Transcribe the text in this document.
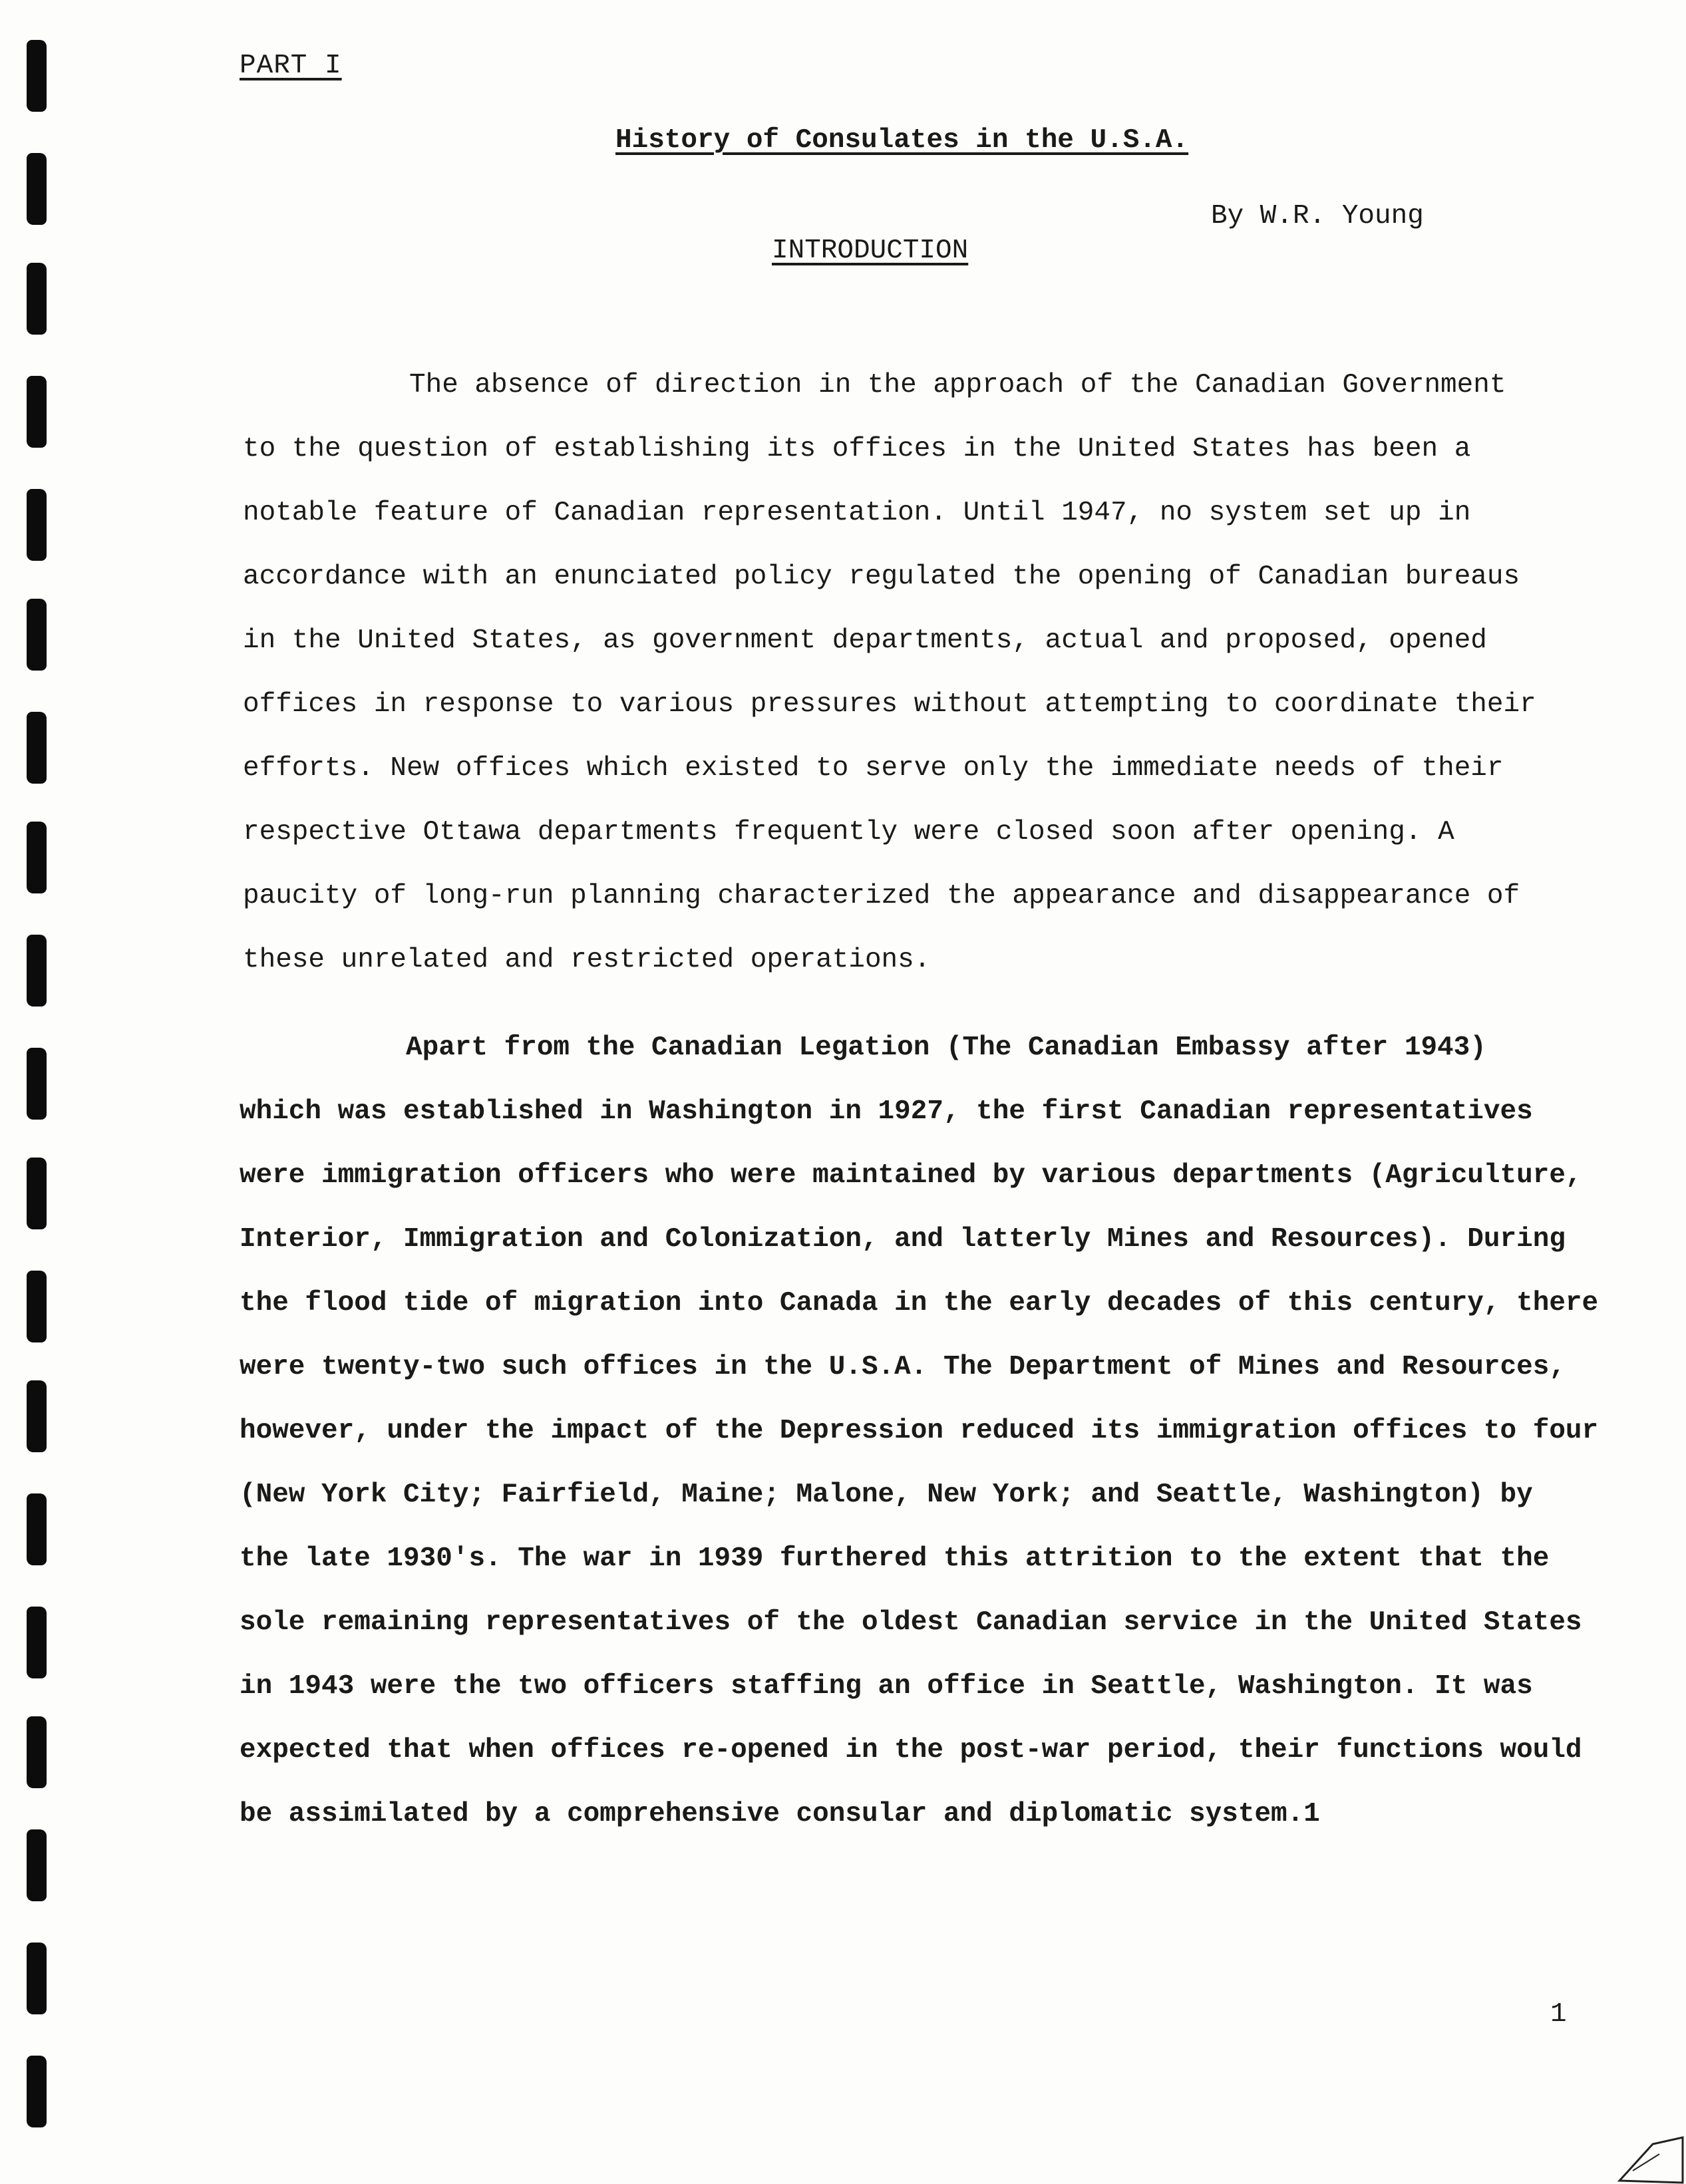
PART I
History of Consulates in the U.S.A.
By W.R. Young
INTRODUCTION
The absence of direction in the approach of the Canadian Government
to the question of establishing its offices in the United States has been a
notable feature of Canadian representation. Until 1947, no system set up in
accordance with an enunciated policy regulated the opening of Canadian bureaus
in the United States, as government departments, actual and proposed, opened
offices in response to various pressures without attempting to coordinate their
efforts. New offices which existed to serve only the immediate needs of their
respective Ottawa departments frequently were closed soon after opening. A
paucity of long-run planning characterized the appearance and disappearance of
these unrelated and restricted operations.
Apart from the Canadian Legation (The Canadian Embassy after 1943)
which was established in Washington in 1927, the first Canadian representatives
were immigration officers who were maintained by various departments (Agriculture,
Interior, Immigration and Colonization, and latterly Mines and Resources). During
the flood tide of migration into Canada in the early decades of this century, there
were twenty-two such offices in the U.S.A. The Department of Mines and Resources,
however, under the impact of the Depression reduced its immigration offices to four
(New York City; Fairfield, Maine; Malone, New York; and Seattle, Washington) by
the late 1930's. The war in 1939 furthered this attrition to the extent that the
sole remaining representatives of the oldest Canadian service in the United States
in 1943 were the two officers staffing an office in Seattle, Washington. It was
expected that when offices re-opened in the post-war period, their functions would
be assimilated by a comprehensive consular and diplomatic system.1
1
